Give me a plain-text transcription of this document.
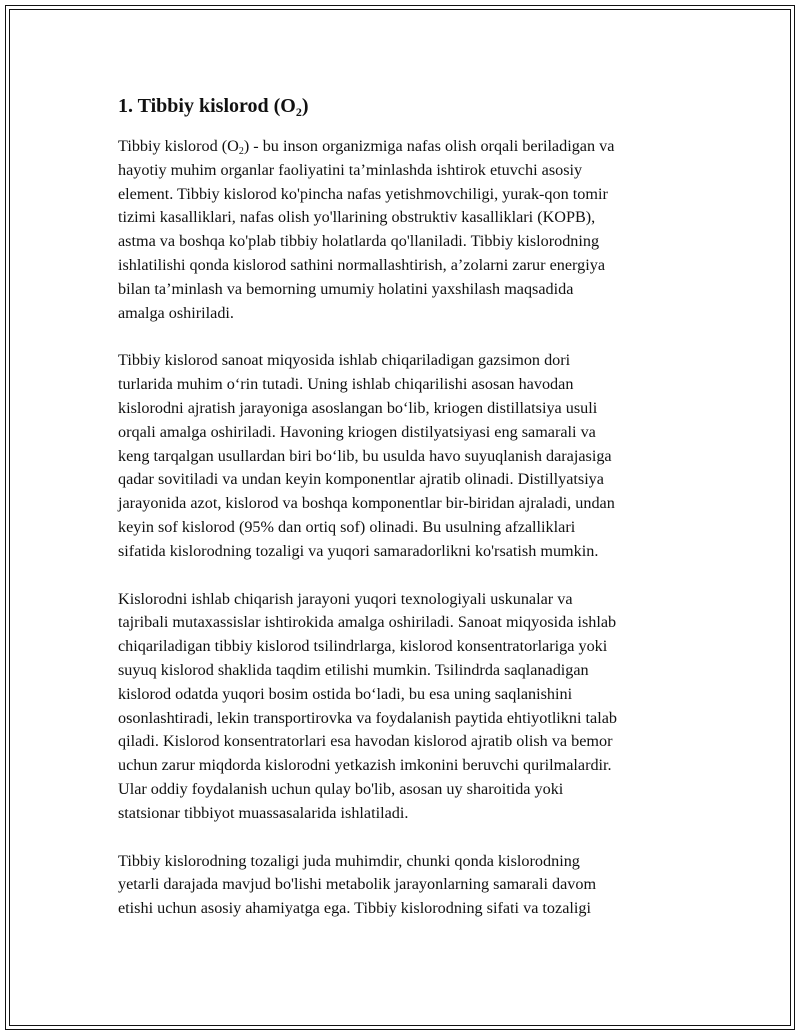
1. Tibbiy kislorod $(O_2)$

Tibbiy kislorod $(O_2)$ - bu inson organizmiga nafas olish orqali beriladigan va
hayotiy muhim organlar faoliyatini ta’minlashda ishtirok etuvchi asosiy
element. Tibbiy kislorod ko'pincha nafas yetishmovchiligi, yurak-qon tomir
tizimi kasalliklari, nafas olish yo'llarining obstruktiv kasalliklari (KOPB),
astma va boshqa ko'plab tibbiy holatlarda qo'llaniladi. Tibbiy kislorodning
ishlatilishi qonda kislorod sathini normallashtirish, a’zolarni zarur energiya
bilan ta’minlash va bemorning umumiy holatini yaxshilash maqsadida
amalga oshiriladi.

Tibbiy kislorod sanoat miqyosida ishlab chiqariladigan gazsimon dori
turlarida muhim o‘rin tutadi. Uning ishlab chiqarilishi asosan havodan
kislorodni ajratish jarayoniga asoslangan bo‘lib, kriogen distillatsiya usuli
orqali amalga oshiriladi. Havoning kriogen distilyatsiyasi eng samarali va
keng tarqalgan usullardan biri bo‘lib, bu usulda havo suyuqlanish darajasiga
qadar sovitiladi va undan keyin komponentlar ajratib olinadi. Distillyatsiya
jarayonida azot, kislorod va boshqa komponentlar bir-biridan ajraladi, undan
keyin sof kislorod (95% dan ortiq sof) olinadi. Bu usulning afzalliklari
sifatida kislorodning tozaligi va yuqori samaradorlikni ko'rsatish mumkin.

Kislorodni ishlab chiqarish jarayoni yuqori texnologiyali uskunalar va
tajribali mutaxassislar ishtirokida amalga oshiriladi. Sanoat miqyosida ishlab
chiqariladigan tibbiy kislorod tsilindrlarga, kislorod konsentratorlariga yoki
suyuq kislorod shaklida taqdim etilishi mumkin. Tsilindrda saqlanadigan
kislorod odatda yuqori bosim ostida bo‘ladi, bu esa uning saqlanishini
osonlashtiradi, lekin transportirovka va foydalanish paytida ehtiyotlikni talab
qiladi. Kislorod konsentratorlari esa havodan kislorod ajratib olish va bemor
uchun zarur miqdorda kislorodni yetkazish imkonini beruvchi qurilmalardir.
Ular oddiy foydalanish uchun qulay bo'lib, asosan uy sharoitida yoki
statsionar tibbiyot muassasalarida ishlatiladi.

Tibbiy kislorodning tozaligi juda muhimdir, chunki qonda kislorodning
yetarli darajada mavjud bo'lishi metabolik jarayonlarning samarali davom
etishi uchun asosiy ahamiyatga ega. Tibbiy kislorodning sifati va tozaligi
